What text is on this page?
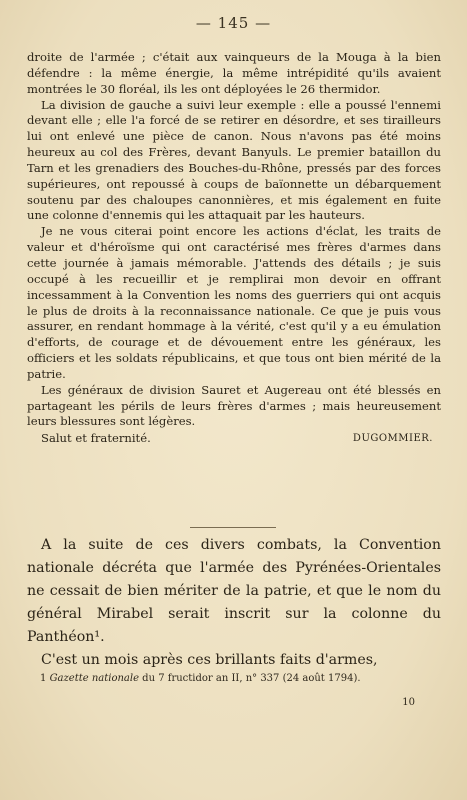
— 145 —

droite de l'armée ; c'était aux vainqueurs de la Mouga à la bien défendre : la même énergie, la même intrépidité qu'ils avaient montrées le 30 floréal, ils les ont déployées le 26 thermidor.

La division de gauche a suivi leur exemple : elle a poussé l'ennemi devant elle ; elle l'a forcé de se retirer en désordre, et ses tirailleurs lui ont enlevé une pièce de canon. Nous n'avons pas été moins heureux au col des Frères, devant Banyuls. Le premier bataillon du Tarn et les grenadiers des Bouches-du-Rhône, pressés par des forces supérieures, ont repoussé à coups de baïonnette un débarquement soutenu par des chaloupes canonnières, et mis également en fuite une colonne d'ennemis qui les attaquait par les hauteurs.

Je ne vous citerai point encore les actions d'éclat, les traits de valeur et d'héroïsme qui ont caractérisé mes frères d'armes dans cette journée à jamais mémorable. J'attends des détails ; je suis occupé à les recueillir et je remplirai mon devoir en offrant incessamment à la Convention les noms des guerriers qui ont acquis le plus de droits à la reconnaissance nationale. Ce que je puis vous assurer, en rendant hommage à la vérité, c'est qu'il y a eu émulation d'efforts, de courage et de dévouement entre les généraux, les officiers et les soldats républicains, et que tous ont bien mérité de la patrie.

Les généraux de division Sauret et Augereau ont été blessés en partageant les périls de leurs frères d'armes ; mais heureusement leurs blessures sont légères.

Salut et fraternité.	DUGOMMIER.

A la suite de ces divers combats, la Convention nationale décréta que l'armée des Pyrénées-Orientales ne cessait de bien mériter de la patrie, et que le nom du général Mirabel serait inscrit sur la colonne du Panthéon¹.

C'est un mois après ces brillants faits d'armes,

1 Gazette nationale du 7 fructidor an II, n° 337 (24 août 1794).
10
